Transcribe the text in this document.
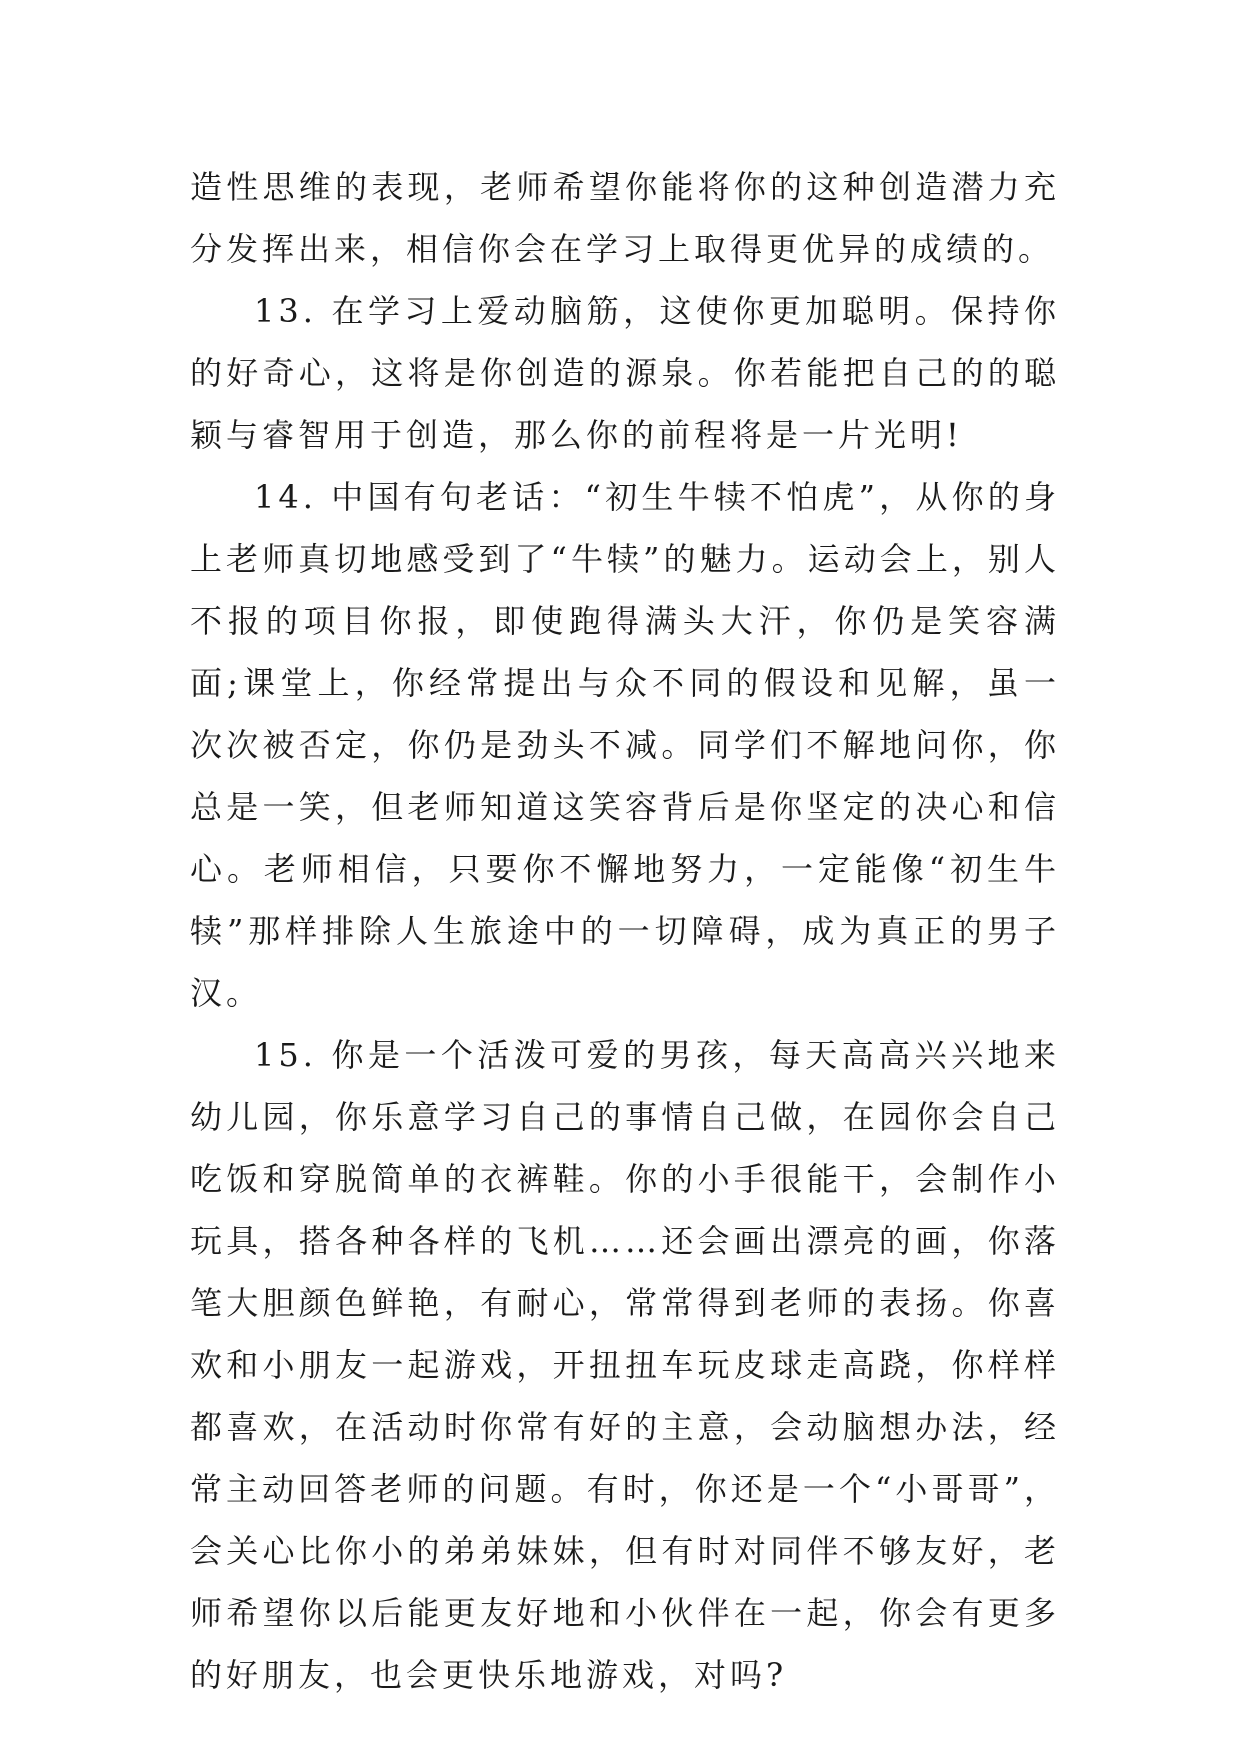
造性思维的表现，老师希望你能将你的这种创造潜力充分发挥出来，相信你会在学习上取得更优异的成绩的。

13. 在学习上爱动脑筋，这使你更加聪明。保持你的好奇心，这将是你创造的源泉。你若能把自己的的聪颖与睿智用于创造，那么你的前程将是一片光明!

14. 中国有句老话：“初生牛犊不怕虎”，从你的身上老师真切地感受到了“牛犊”的魅力。运动会上，别人不报的项目你报，即使跑得满头大汗，你仍是笑容满面;课堂上，你经常提出与众不同的假设和见解，虽一次次被否定，你仍是劲头不减。同学们不解地问你，你总是一笑，但老师知道这笑容背后是你坚定的决心和信心。老师相信，只要你不懈地努力，一定能像“初生牛犊”那样排除人生旅途中的一切障碍，成为真正的男子汉。

15. 你是一个活泼可爱的男孩，每天高高兴兴地来幼儿园，你乐意学习自己的事情自己做，在园你会自己吃饭和穿脱简单的衣裤鞋。你的小手很能干，会制作小玩具，搭各种各样的飞机……还会画出漂亮的画，你落笔大胆颜色鲜艳，有耐心，常常得到老师的表扬。你喜欢和小朋友一起游戏，开扭扭车玩皮球走高跷，你样样都喜欢，在活动时你常有好的主意，会动脑想办法，经常主动回答老师的问题。有时，你还是一个“小哥哥”，会关心比你小的弟弟妹妹，但有时对同伴不够友好，老师希望你以后能更友好地和小伙伴在一起，你会有更多的好朋友，也会更快乐地游戏，对吗?
